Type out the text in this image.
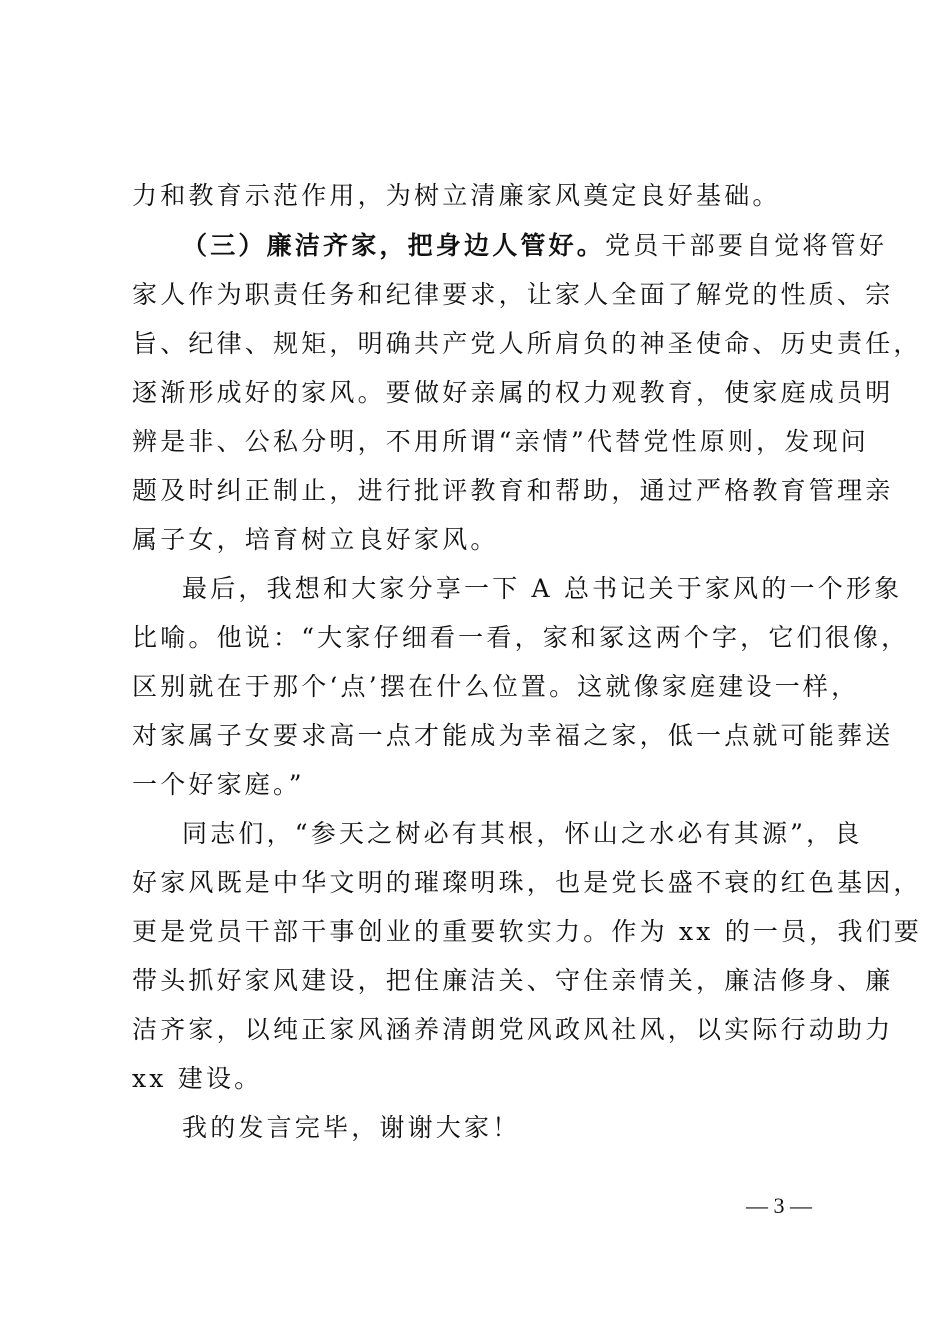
力和教育示范作用，为树立清廉家风奠定良好基础。
（三）廉洁齐家，把身边人管好。党员干部要自觉将管好
家人作为职责任务和纪律要求，让家人全面了解党的性质、宗
旨、纪律、规矩，明确共产党人所肩负的神圣使命、历史责任，
逐渐形成好的家风。要做好亲属的权力观教育，使家庭成员明
辨是非、公私分明，不用所谓“亲情”代替党性原则，发现问
题及时纠正制止，进行批评教育和帮助，通过严格教育管理亲
属子女，培育树立良好家风。
最后，我想和大家分享一下 A 总书记关于家风的一个形象
比喻。他说：“大家仔细看一看，家和冢这两个字，它们很像，
区别就在于那个‘点’摆在什么位置。这就像家庭建设一样，
对家属子女要求高一点才能成为幸福之家，低一点就可能葬送
一个好家庭。”
同志们，“参天之树必有其根，怀山之水必有其源”，良
好家风既是中华文明的璀璨明珠，也是党长盛不衰的红色基因，
更是党员干部干事创业的重要软实力。作为 xx 的一员，我们要
带头抓好家风建设，把住廉洁关、守住亲情关，廉洁修身、廉
洁齐家，以纯正家风涵养清朗党风政风社风，以实际行动助力
xx 建设。
我的发言完毕，谢谢大家！
— 3 —
